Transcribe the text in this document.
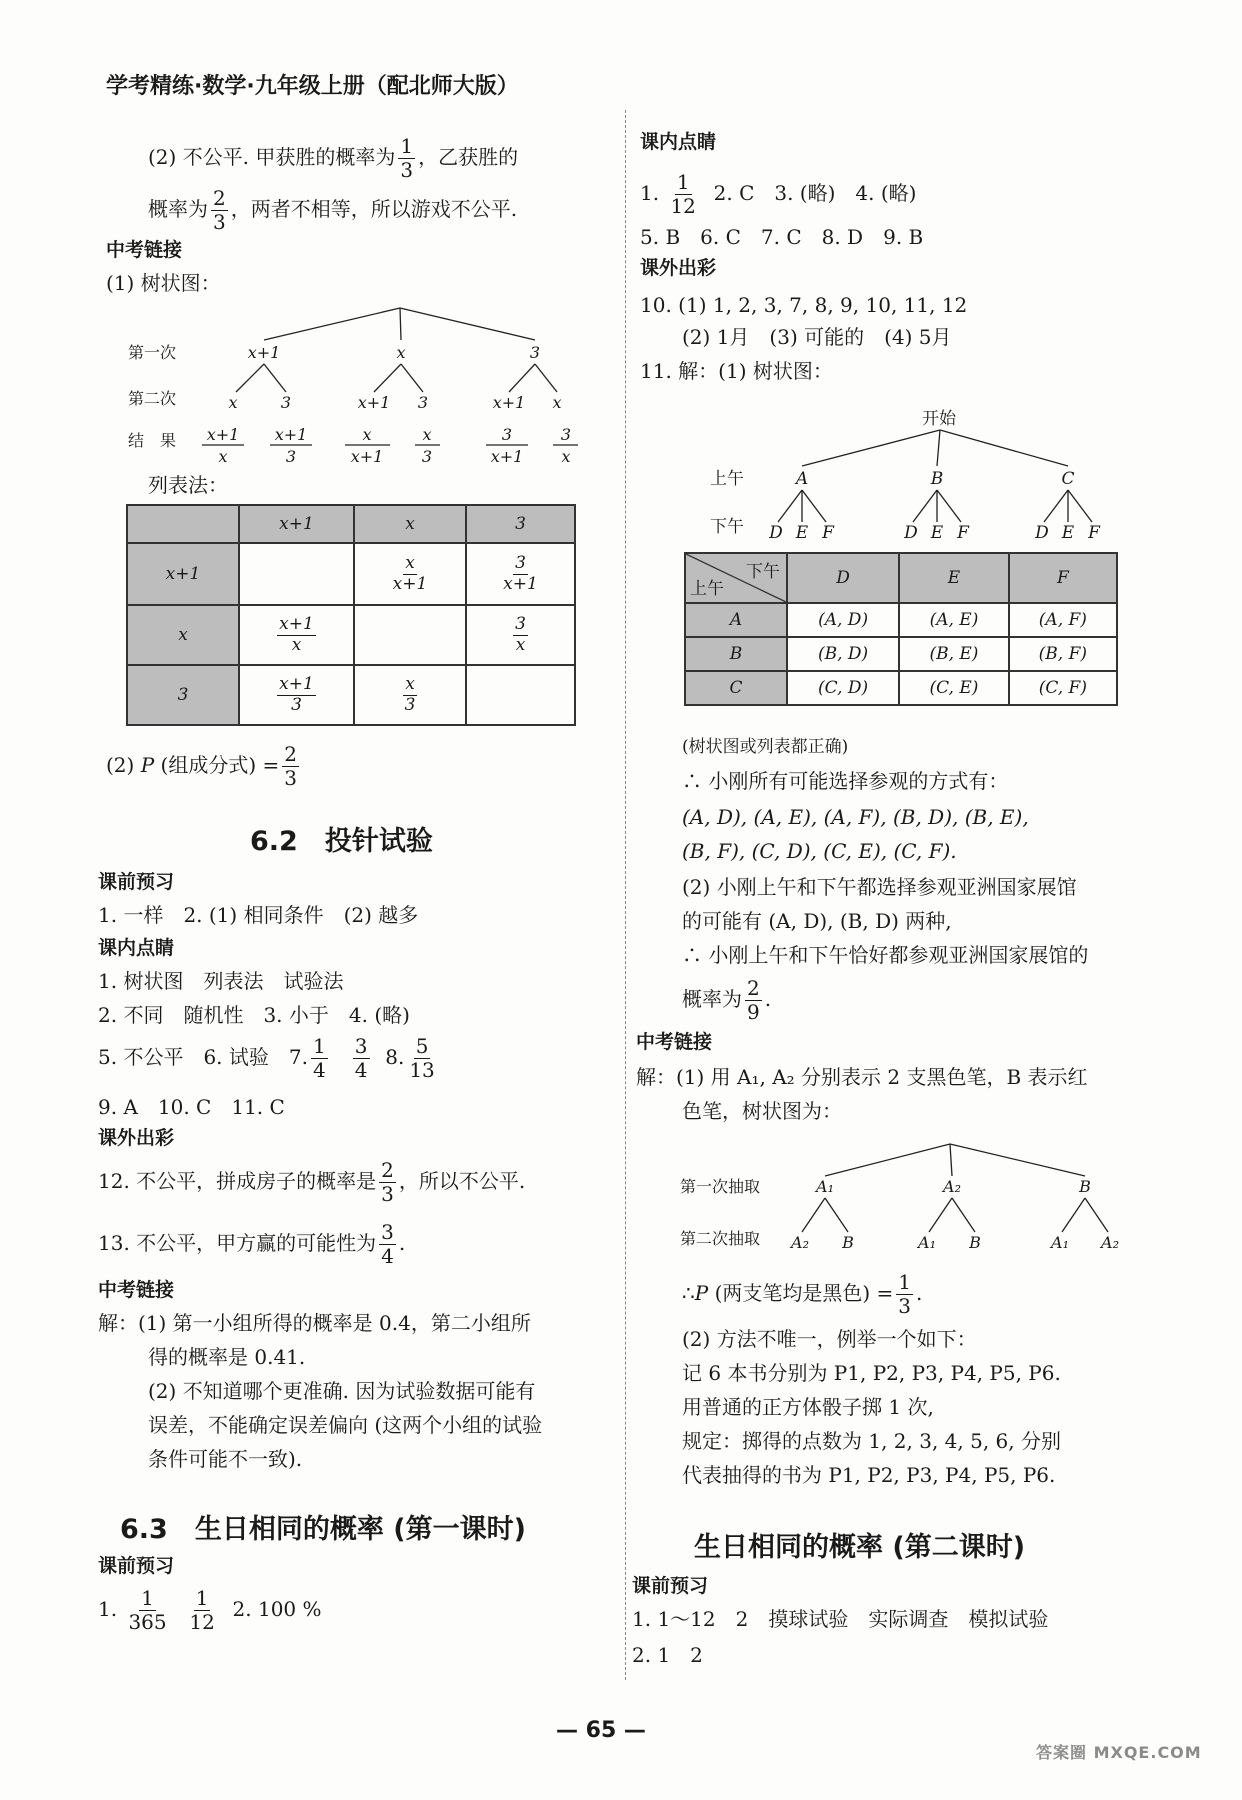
学考精练·数学·九年级上册（配北师大版）
(2) 不公平. 甲获胜的概率为 $\frac{1}{3}$ ，乙获胜的
概率为 $\frac{2}{3}$ ，两者不相等，所以游戏不公平.
中考链接
(1) 树状图：
第一次
第二次
结　果
x+1	x	3
x	3	x+1 3	x+1 x
x+1
x
x+1
3
x
x+1
x
3
3
x+1
3
x
列表法：
	x+1	x	3
x+1		$\frac{x}{x+1}$	$\frac{3}{x+1}$

x	$\frac{x+1}{x}$		$\frac{3}{x}$

3	$\frac{x+1}{3}$	$\frac{x}{3}$

(2) P (组成分式) = $\frac{2}{3}$
6.2　投针试验
课前预习
1. 一样　2. (1) 相同条件　(2) 越多
课内点睛
1. 树状图　列表法　试验法
2. 不同　随机性　3. 小于　4. (略)
5. 不公平　6. 试验　7. $\frac{1}{4}$
$\frac{3}{4} 8$. $\frac{5}{13}$
9. A　10. C　11. C
课外出彩
12. 不公平，拼成房子的概率是 $\frac{2}{3}$ ，所以不公平.
13. 不公平，甲方赢的可能性为 $\frac{3}{4}$ .
中考链接
解：(1) 第一小组所得的概率是 0.4，第二小组所
得的概率是 0.41.
(2) 不知道哪个更准确. 因为试验数据可能有
误差，不能确定误差偏向 (这两个小组的试验
条件可能不一致).
6.3　生日相同的概率 (第一课时)
课前预习
1. $\frac{1}{365}$
$\frac{1}{12} 2$. 100 %
课内点睛
1. $\frac{1}{12} 2$. C　3. (略)　4. (略)
5. B　6. C　7. C　8. D　9. B
课外出彩
10. (1) 1, 2, 3, 7, 8, 9, 10, 11, 12
(2) 1月　(3) 可能的　(4) 5月
11. 解：(1) 树状图：
开始
上午
下午
A	B	C
D E F	D E F	D E F
下午
上午	D	E	F
A	(A, D)	(A, E)	(A, F)
B	(B, D)	(B, E)	(B, F)
C	(C, D)	(C, E)	(C, F)
(树状图或列表都正确)
∴ 小刚所有可能选择参观的方式有：
(A, D), (A, E), (A, F), (B, D), (B, E),
(B, F), (C, D), (C, E), (C, F).
(2) 小刚上午和下午都选择参观亚洲国家展馆
的可能有 (A, D), (B, D) 两种,
∴ 小刚上午和下午恰好都参观亚洲国家展馆的
概率为 $\frac{2}{9}$ .
中考链接
解：(1) 用 A₁, A₂ 分别表示 2 支黑色笔，B 表示红
色笔，树状图为：
第一次抽取
第二次抽取
A₁	A₂	B
A₂ B	A₁ B	A₁ A₂
∴P (两支笔均是黑色) = $\frac{1}{3}$ .
(2) 方法不唯一，例举一个如下：
记 6 本书分别为 P1, P2, P3, P4, P5, P6.
用普通的正方体骰子掷 1 次,
规定：掷得的点数为 1, 2, 3, 4, 5, 6, 分别
代表抽得的书为 P1, P2, P3, P4, P5, P6.
生日相同的概率 (第二课时)
课前预习
1. 1～12　2　摸球试验　实际调查　模拟试验
2. 1　2
— 65 —
答案圈 MXQE.COM
